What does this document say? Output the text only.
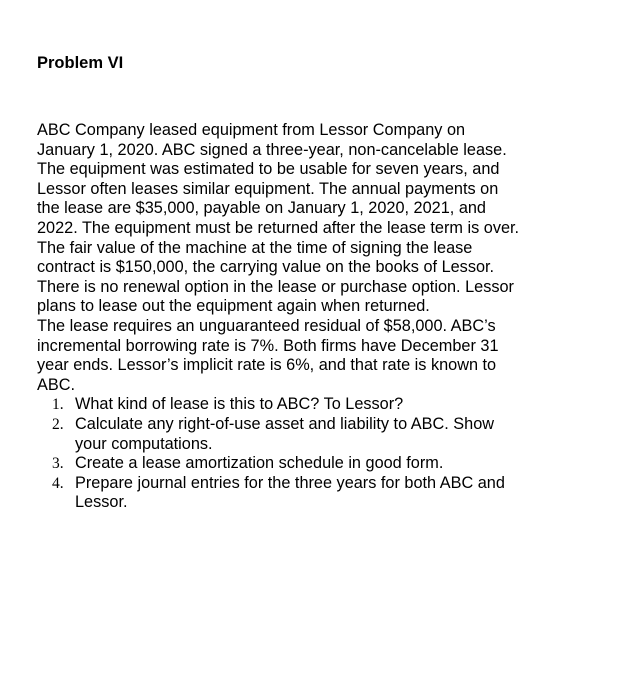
Problem VI

ABC Company leased equipment from Lessor Company on
January 1, 2020. ABC signed a three-year, non-cancelable lease.
The equipment was estimated to be usable for seven years, and
Lessor often leases similar equipment. The annual payments on
the lease are $35,000, payable on January 1, 2020, 2021, and
2022. The equipment must be returned after the lease term is over.
The fair value of the machine at the time of signing the lease
contract is $150,000, the carrying value on the books of Lessor.
There is no renewal option in the lease or purchase option. Lessor
plans to lease out the equipment again when returned.

The lease requires an unguaranteed residual of $58,000. ABC’s
incremental borrowing rate is 7%. Both firms have December 31
year ends. Lessor’s implicit rate is 6%, and that rate is known to
ABC.

1. What kind of lease is this to ABC? To Lessor?
2. Calculate any right-of-use asset and liability to ABC. Show
your computations.
3. Create a lease amortization schedule in good form.
4. Prepare journal entries for the three years for both ABC and
Lessor.
